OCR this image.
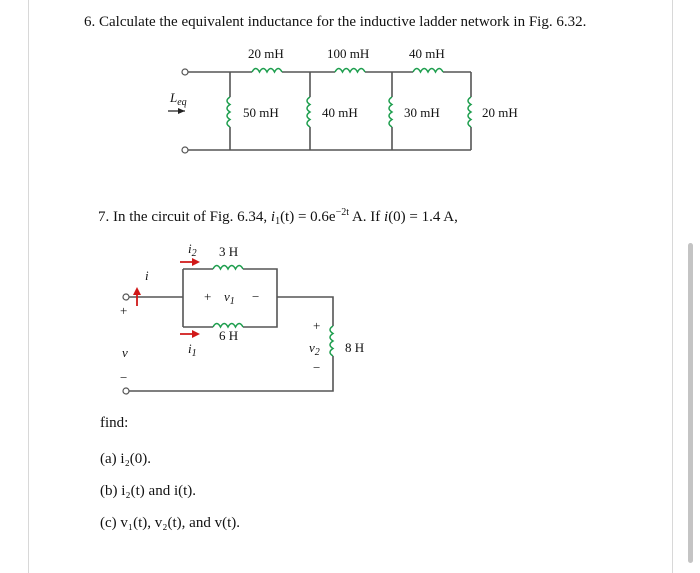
6. Calculate the equivalent inductance for the inductive ladder network in Fig. 6.32.
20 mH	100 mH	40 mH
50 mH	40 mH	30 mH	20 mH
$L_{eq}$
7. In the circuit of Fig. 6.34, $i_1(t) = 0.6e^{-2t}$ A. If i(0) = 1.4 A,
$i_2$ 3 H
i
+ $v_1$ −
+
6 H
$i_1$
v
−
+
$v_2$
−
8 H
find:
(a) i₂(0).
(b) i₂(t) and i(t).
(c) v₁(t), v₂(t), and v(t).
